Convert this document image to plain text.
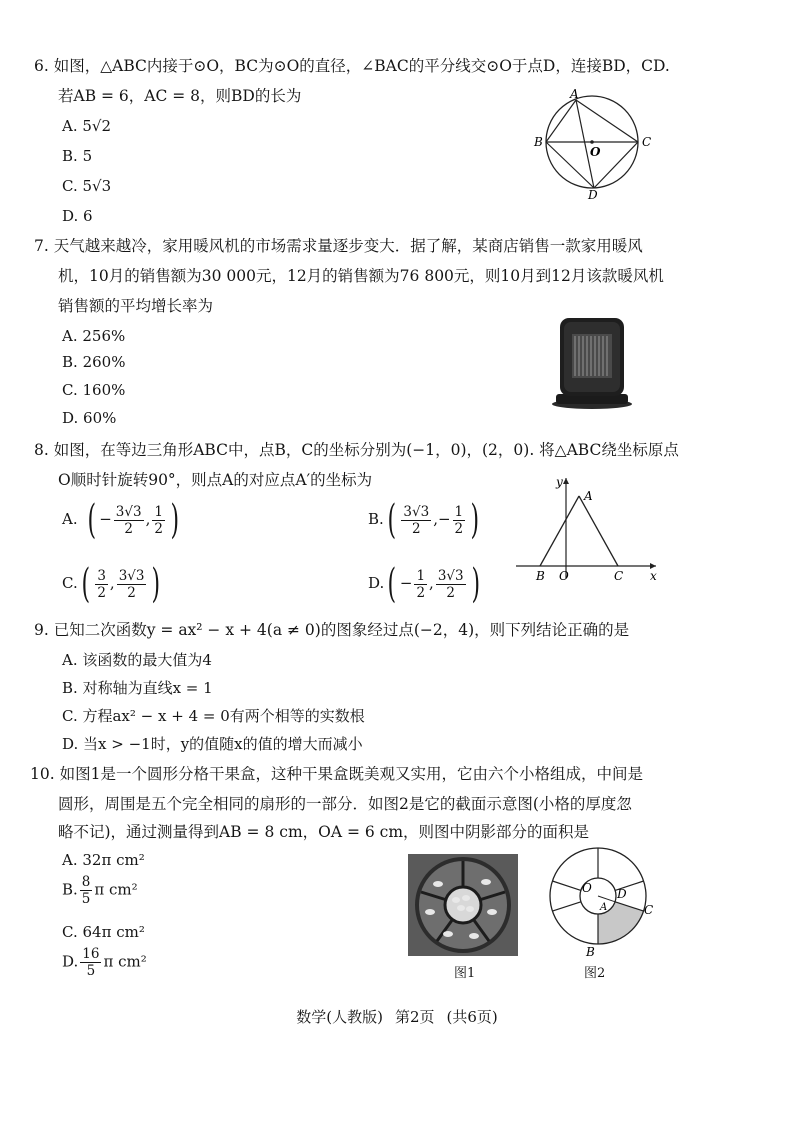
6. 如图，△ABC内接于⊙O，BC为⊙O的直径，∠BAC的平分线交⊙O于点D，连接BD，CD.
若AB = 6，AC = 8，则BD的长为
A. 5√2
B. 5
C. 5√3
D. 6
A
B	C
O
D
7. 天气越来越冷，家用暖风机的市场需求量逐步变大．据了解，某商店销售一款家用暖风
机，10月的销售额为30 000元，12月的销售额为76 800元，则10月到12月该款暖风机
销售额的平均增长率为
A. 256%
B. 260%
C. 160%
D. 60%
8. 如图，在等边三角形ABC中，点B，C的坐标分别为(−1，0)，(2，0). 将△ABC绕坐标原点
O顺时针旋转90°，则点A的对应点A′的坐标为
A. ( − $\frac{3√3}{2}$ , $\frac{1}{2}$ )	$B.( \frac{3√3}{2}$ ,− $\frac{1}{2}$ )
$C.( \frac{3}{2}$ , $\frac{3√3}{2}$ )	$D.( - \frac{1}{2}$ , $\frac{3√3}{2}$ )
y
x
A
B O	C
9. 已知二次函数y = ax² − x + 4(a ≠ 0)的图象经过点(−2，4)，则下列结论正确的是
A. 该函数的最大值为4
B. 对称轴为直线x = 1
C. 方程ax² − x + 4 = 0有两个相等的实数根
D. 当x > −1时，y的值随x的值的增大而减小
10. 如图1是一个圆形分格干果盒，这种干果盒既美观又实用，它由六个小格组成，中间是
圆形，周围是五个完全相同的扇形的一部分．如图2是它的截面示意图(小格的厚度忽
略不记)，通过测量得到AB = 8 cm，OA = 6 cm，则图中阴影部分的面积是
A. 32π cm²
B. $\frac{8}{5}$ π cm²
C. 64π cm²
D. $\frac{16}{5}$ π cm²
图1
O
A
D
C
B
图2
数学(人教版) 第2页 (共6页)
